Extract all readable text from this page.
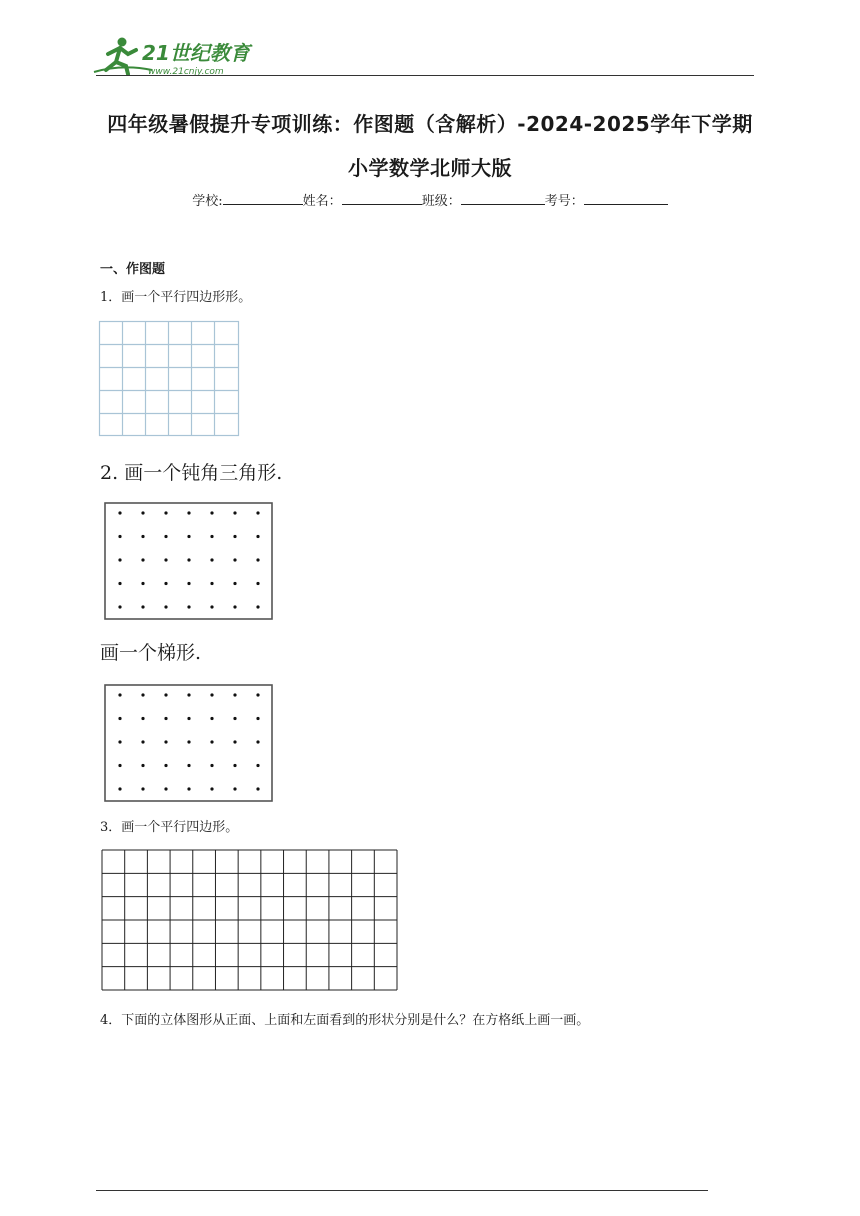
21世纪教育
www.21cnjy.com
四年级暑假提升专项训练：作图题（含解析）-2024-2025学年下学期
小学数学北师大版
学校:	姓名：	班级：	考号：
一、作图题
1．画一个平行四边形形。
2. 画一个钝角三角形.
画一个梯形.
3．画一个平行四边形。
4．下面的立体图形从正面、上面和左面看到的形状分别是什么？在方格纸上画一画。
